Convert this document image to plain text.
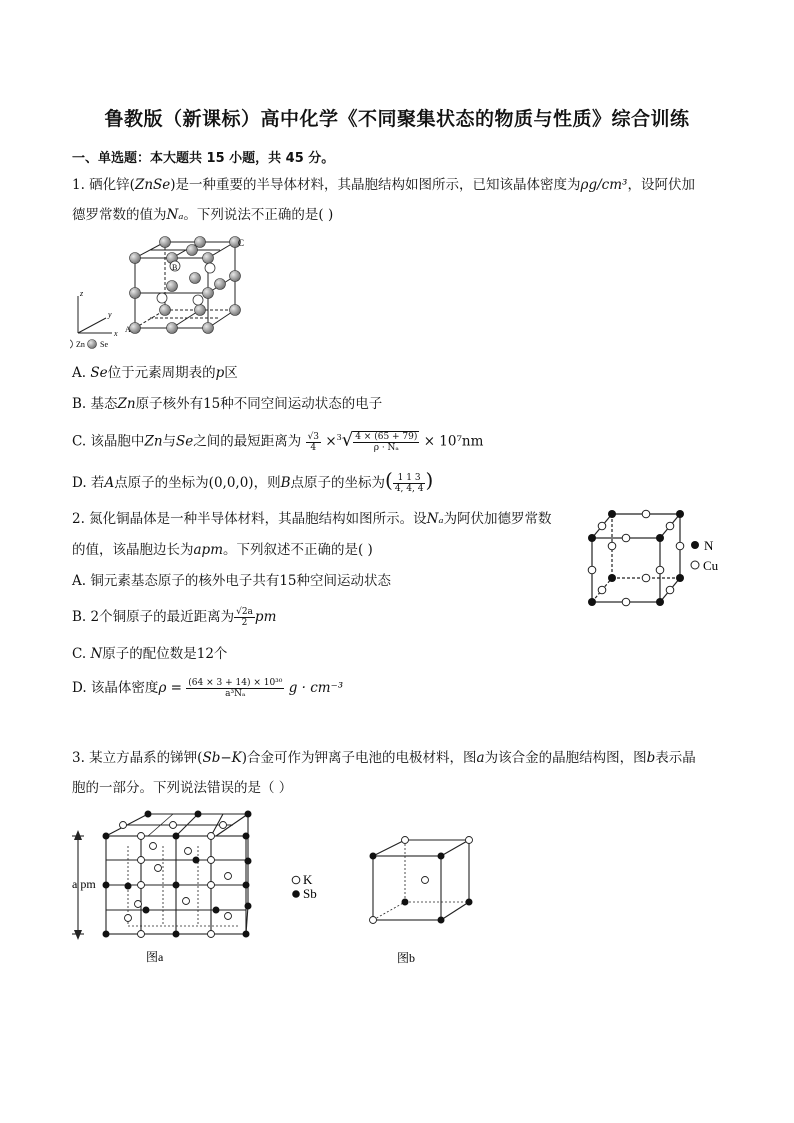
鲁教版（新课标）高中化学《不同聚集状态的物质与性质》综合训练
一、单选题：本大题共 15 小题，共 45 分。
1. 硒化锌(ZnSe)是一种重要的半导体材料，其晶胞结构如图所示，已知该晶体密度为ρg/cm³，设阿伏加
德罗常数的值为Nₐ。下列说法不正确的是( )
C
B
A
x
y
z
Zn Se
A. Se位于元素周期表的p区
B. 基态Zn原子核外有15种不同空间运动状态的电子
C. 该晶胞中Zn与Se之间的最短距离为 $\frac{√3}{4} \times^3√ \frac{4 \times (65 + 79)}{\text{ρ · Nₐ}} \times 10^7nm$
D. 若A点原子的坐标为(0,0,0)，则B点原子的坐标为( $\frac{1 1 3}{4, 4, 4}$ )
2. 氮化铜晶体是一种半导体材料，其晶胞结构如图所示。设Nₐ为阿伏加德罗常数
的值，该晶胞边长为apm。下列叙述不正确的是( )
A. 铜元素基态原子的核外电子共有15种空间运动状态
B. 2个铜原子的最近距离为 $\frac{√2a}{2}$ pm
C. N原子的配位数是12个
D. 该晶体密度$\rho = \frac{\text{(64 × 3 + 14) × 10³⁰}}{\text{a³Nₐ}}$ g · cm⁻³
N
Cu
3. 某立方晶系的锑钾(Sb−K)合金可作为钾离子电池的电极材料，图a为该合金的晶胞结构图，图b表示晶
胞的一部分。下列说法错误的是（ ）
a pm
图a
K
Sb
图b
